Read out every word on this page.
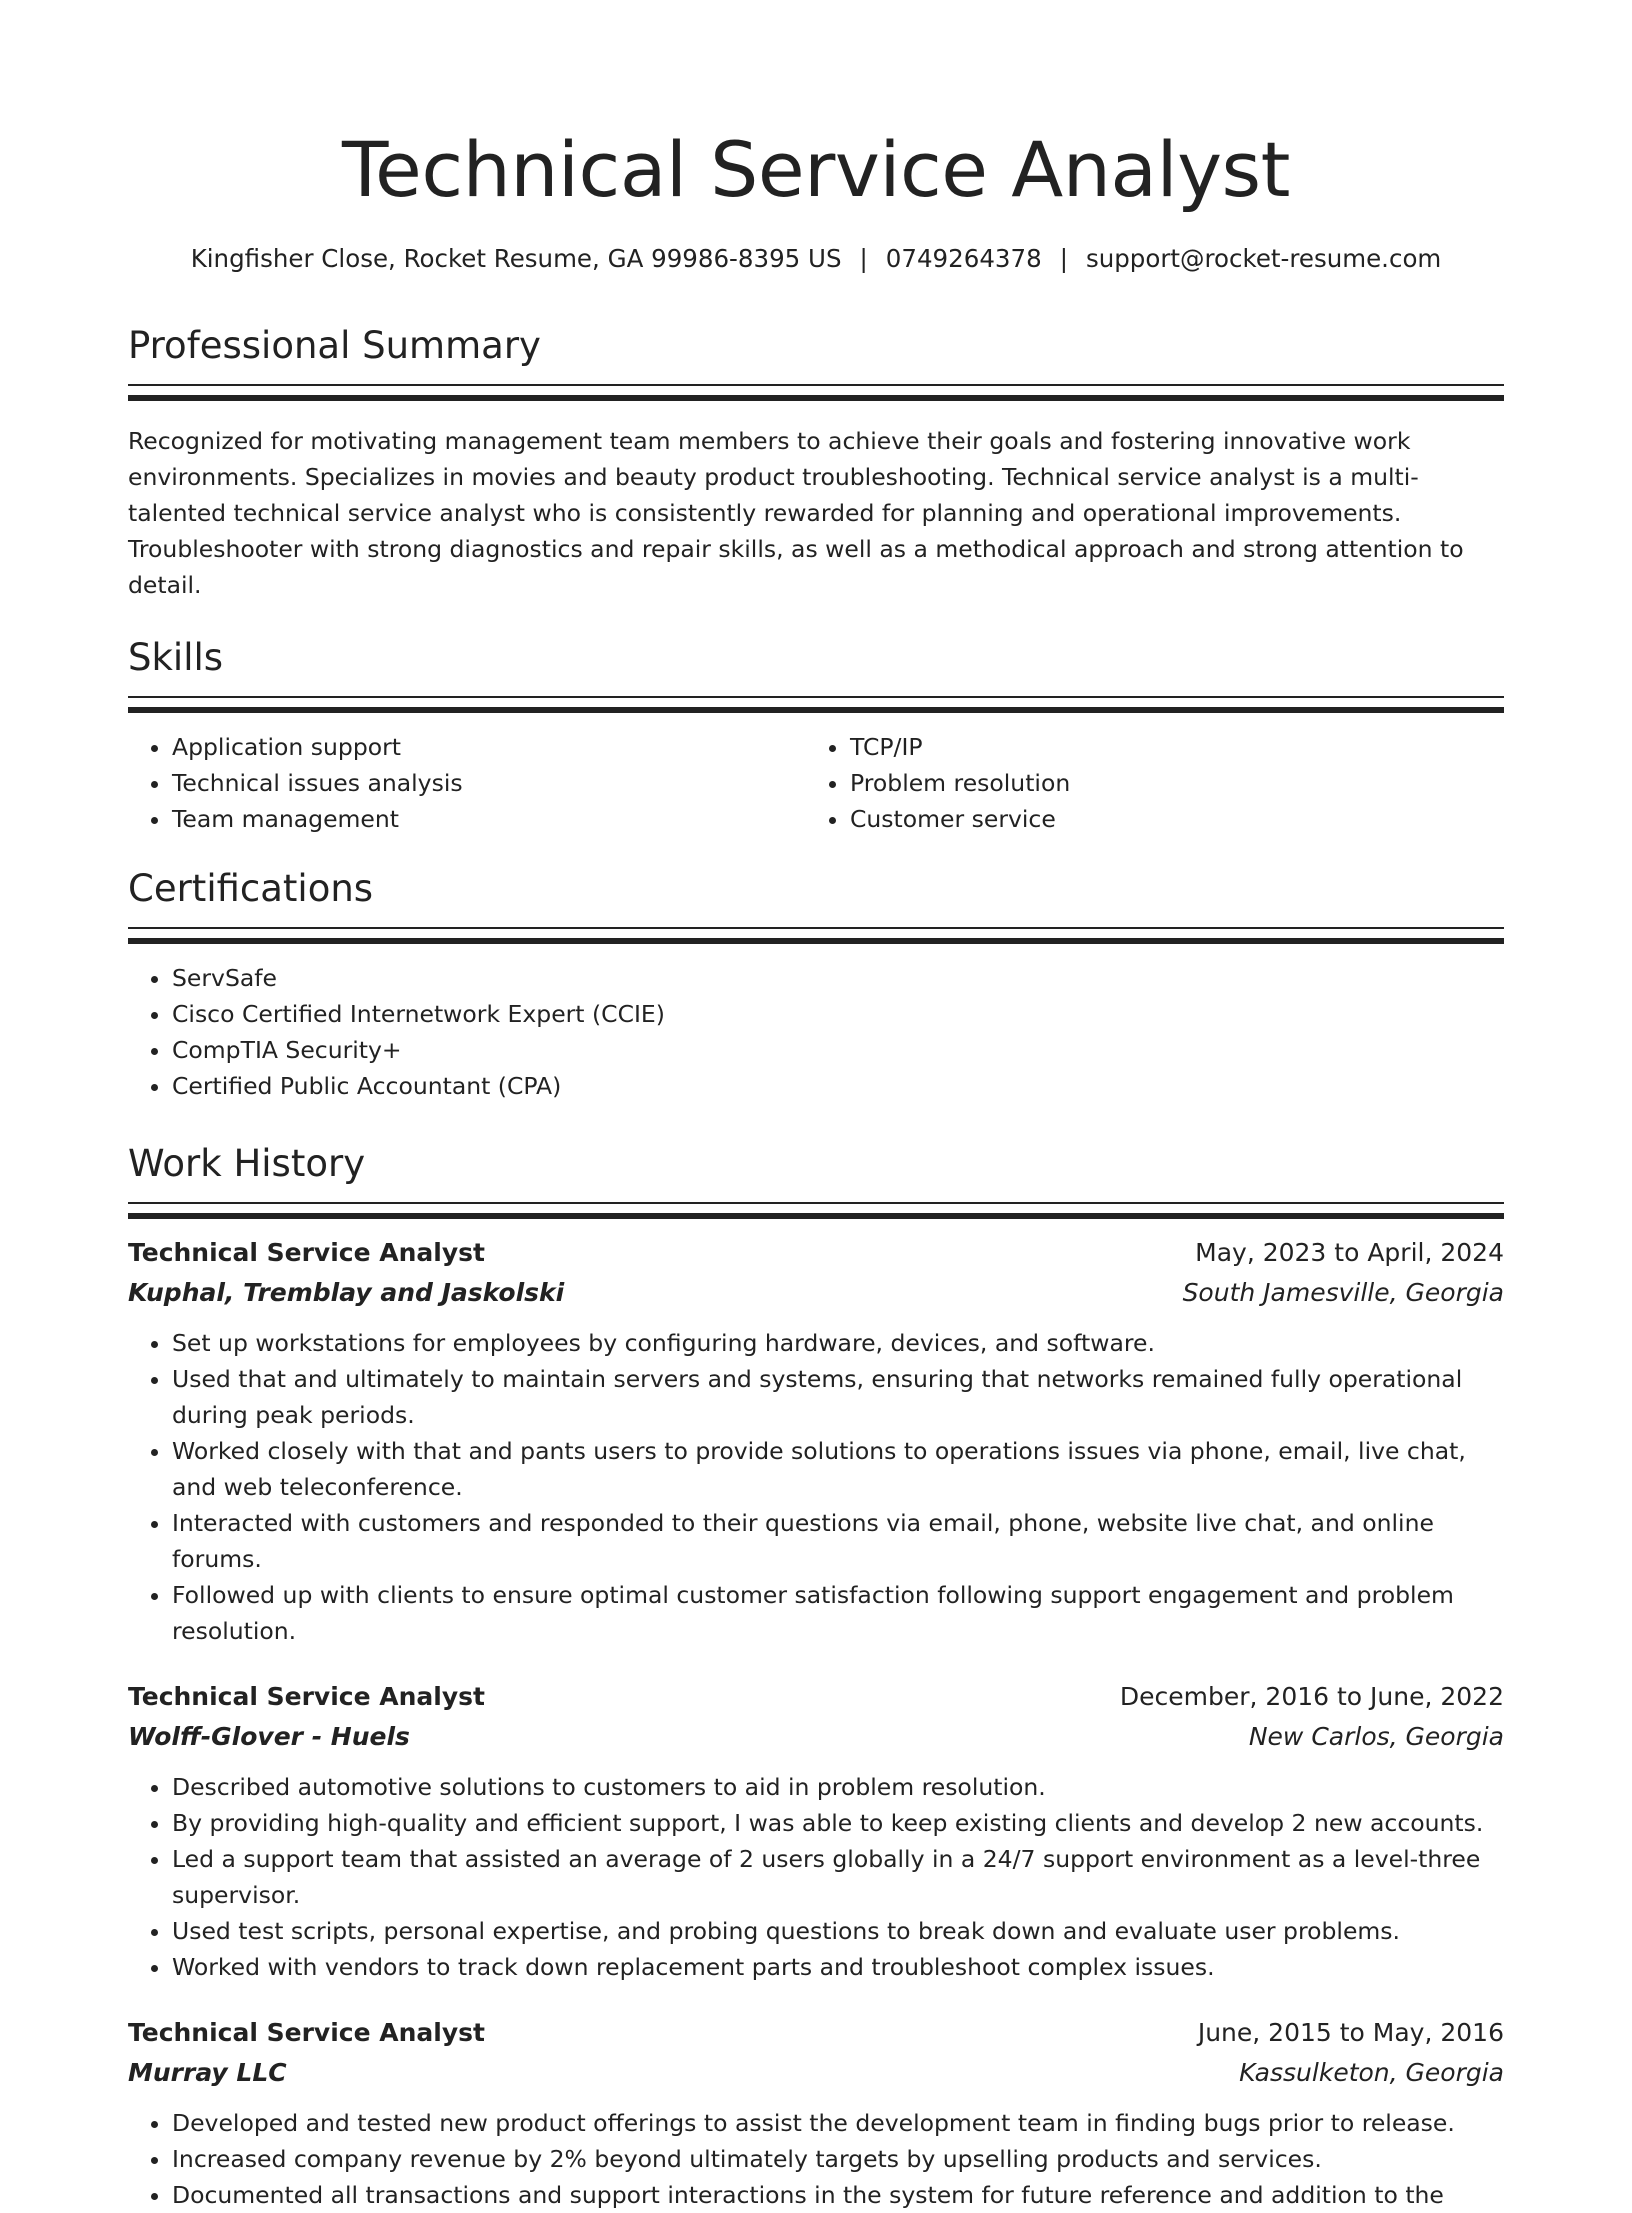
Technical Service Analyst
Kingfisher Close, Rocket Resume, GA 99986-8395 US | 0749264378 | support@rocket-resume.com
Professional Summary

Recognized for motivating management team members to achieve their goals and fostering innovative work environments. Specializes in movies and beauty product troubleshooting. Technical service analyst is a multi-talented technical service analyst who is consistently rewarded for planning and operational improvements. Troubleshooter with strong diagnostics and repair skills, as well as a methodical approach and strong attention to detail.

Skills
• Application support
• Technical issues analysis
• Team management
• TCP/IP
• Problem resolution
• Customer service
Certifications
• ServSafe
• Cisco Certified Internetwork Expert (CCIE)
• CompTIA Security+
• Certified Public Accountant (CPA)
Work History
Technical Service Analyst	May, 2023 to April, 2024
Kuphal, Tremblay and Jaskolski	South Jamesville, Georgia
• Set up workstations for employees by configuring hardware, devices, and software.
• Used that and ultimately to maintain servers and systems, ensuring that networks remained fully operational during peak periods.
• Worked closely with that and pants users to provide solutions to operations issues via phone, email, live chat, and web teleconference.
• Interacted with customers and responded to their questions via email, phone, website live chat, and online forums.
• Followed up with clients to ensure optimal customer satisfaction following support engagement and problem resolution.
Technical Service Analyst	December, 2016 to June, 2022
Wolff-Glover - Huels	New Carlos, Georgia
• Described automotive solutions to customers to aid in problem resolution.
• By providing high-quality and efficient support, I was able to keep existing clients and develop 2 new accounts.
• Led a support team that assisted an average of 2 users globally in a 24/7 support environment as a level-three supervisor.
• Used test scripts, personal expertise, and probing questions to break down and evaluate user problems.
• Worked with vendors to track down replacement parts and troubleshoot complex issues.
Technical Service Analyst	June, 2015 to May, 2016
Murray LLC	Kassulketon, Georgia
• Developed and tested new product offerings to assist the development team in finding bugs prior to release.
• Increased company revenue by 2% beyond ultimately targets by upselling products and services.
• Documented all transactions and support interactions in the system for future reference and addition to the
